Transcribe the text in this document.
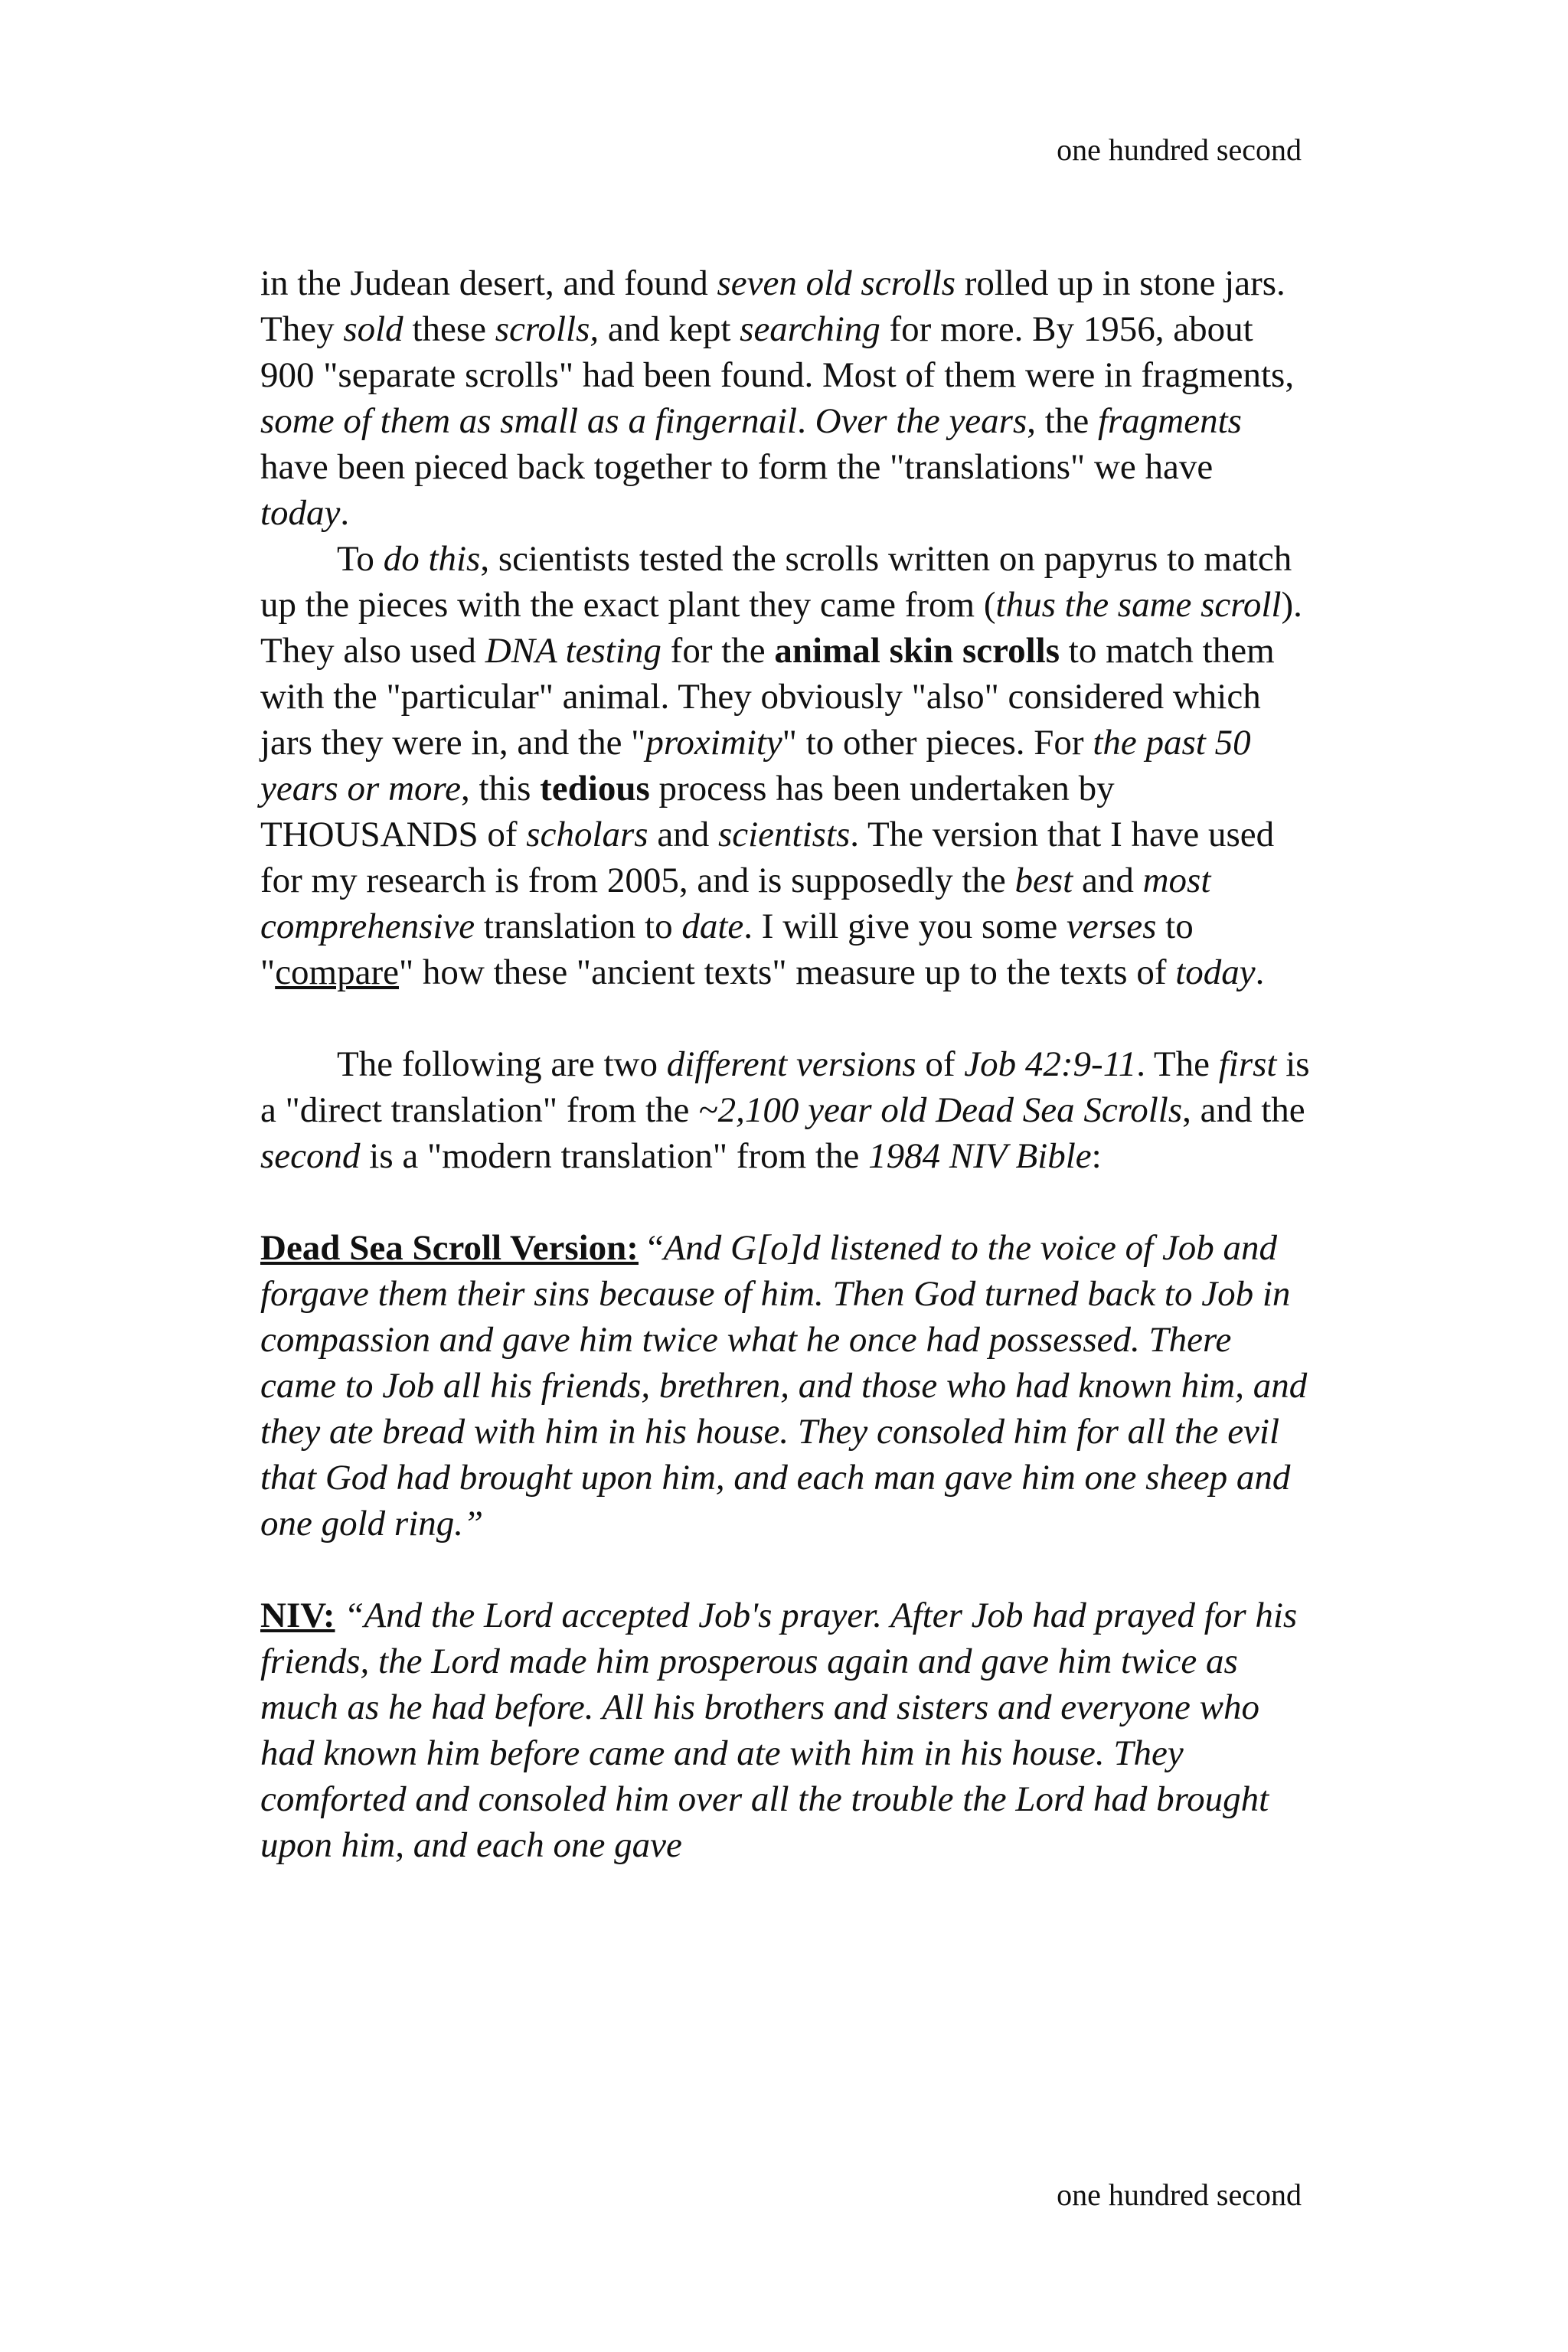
one hundred second

in the Judean desert, and found seven old scrolls rolled up in stone jars. They sold these scrolls, and kept searching for more. By 1956, about 900 "separate scrolls" had been found. Most of them were in fragments, some of them as small as a fingernail. Over the years, the fragments have been pieced back together to form the "translations" we have today.

To do this, scientists tested the scrolls written on papyrus to match up the pieces with the exact plant they came from (thus the same scroll). They also used DNA testing for the animal skin scrolls to match them with the "particular" animal. They obviously "also" considered which jars they were in, and the "proximity" to other pieces. For the past 50 years or more, this tedious process has been undertaken by THOUSANDS of scholars and scientists. The version that I have used for my research is from 2005, and is supposedly the best and most comprehensive translation to date. I will give you some verses to "compare" how these "ancient texts" measure up to the texts of today.

The following are two different versions of Job 42:9-11. The first is a "direct translation" from the ~2,100 year old Dead Sea Scrolls, and the second is a "modern translation" from the 1984 NIV Bible:

Dead Sea Scroll Version: “And G[o]d listened to the voice of Job and forgave them their sins because of him. Then God turned back to Job in compassion and gave him twice what he once had possessed. There came to Job all his friends, brethren, and those who had known him, and they ate bread with him in his house. They consoled him for all the evil that God had brought upon him, and each man gave him one sheep and one gold ring.”

NIV: “And the Lord accepted Job's prayer. After Job had prayed for his friends, the Lord made him prosperous again and gave him twice as much as he had before. All his brothers and sisters and everyone who had known him before came and ate with him in his house. They comforted and consoled him over all the trouble the Lord had brought upon him, and each one gave

one hundred second
